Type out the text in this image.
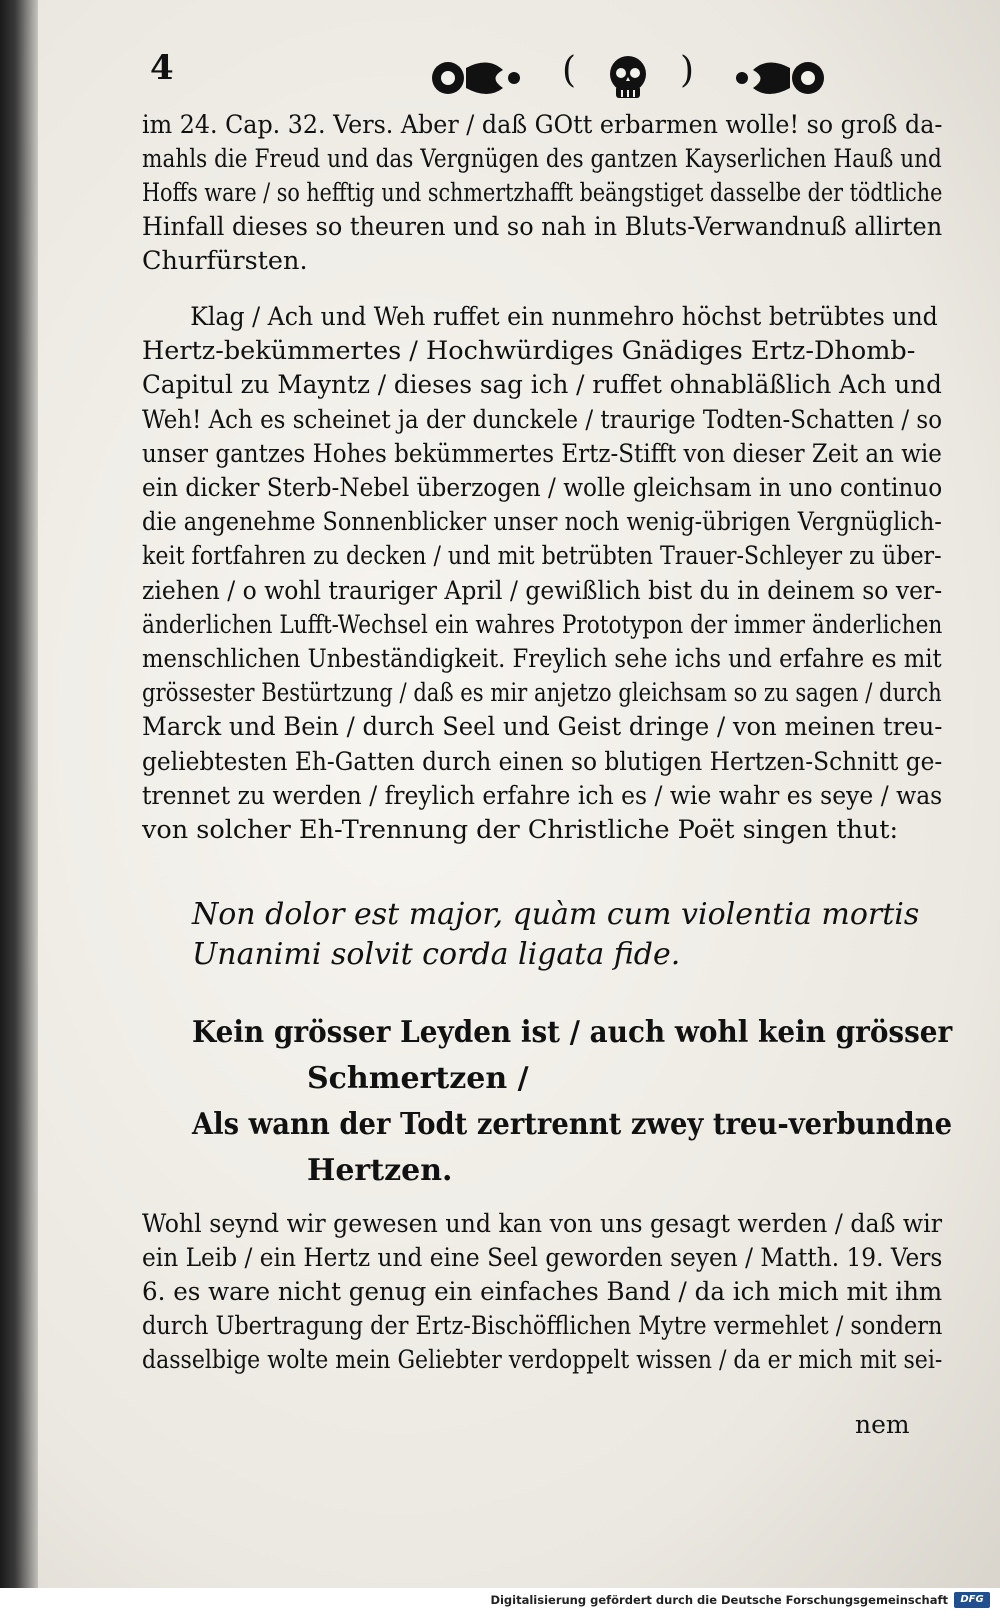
4	(	)
im 24. Cap. 32. Vers. Aber / daß GOtt erbarmen wolle! so groß da-
mahls die Freud und das Vergnügen des gantzen Kayserlichen Hauß und
Hoffs ware / so hefftig und schmertzhafft beängstiget dasselbe der tödtliche
Hinfall dieses so theuren und so nah in Bluts-Verwandnuß allirten
Churfürsten.
Klag / Ach und Weh ruffet ein nunmehro höchst betrübtes und
Hertz-bekümmertes / Hochwürdiges Gnädiges Ertz-Dhomb-
Capitul zu Mayntz / dieses sag ich / ruffet ohnabläßlich Ach und
Weh! Ach es scheinet ja der dunckele / traurige Todten-Schatten / so
unser gantzes Hohes bekümmertes Ertz-Stifft von dieser Zeit an wie
ein dicker Sterb-Nebel überzogen / wolle gleichsam in uno continuo
die angenehme Sonnenblicker unser noch wenig-übrigen Vergnüglich-
keit fortfahren zu decken / und mit betrübten Trauer-Schleyer zu über-
ziehen / o wohl trauriger April / gewißlich bist du in deinem so ver-
änderlichen Lufft-Wechsel ein wahres Prototypon der immer änderlichen
menschlichen Unbeständigkeit. Freylich sehe ichs und erfahre es mit
grössester Bestürtzung / daß es mir anjetzo gleichsam so zu sagen / durch
Marck und Bein / durch Seel und Geist dringe / von meinen treu-
geliebtesten Eh-Gatten durch einen so blutigen Hertzen-Schnitt ge-
trennet zu werden / freylich erfahre ich es / wie wahr es seye / was
von solcher Eh-Trennung der Christliche Poët singen thut:
Non dolor est major, quàm cum violentia mortis
Unanimi solvit corda ligata fide.
Kein grösser Leyden ist / auch wohl kein grösser
Schmertzen /
Als wann der Todt zertrennt zwey treu-verbundne
Hertzen.
Wohl seynd wir gewesen und kan von uns gesagt werden / daß wir
ein Leib / ein Hertz und eine Seel geworden seyen / Matth. 19. Vers
6. es ware nicht genug ein einfaches Band / da ich mich mit ihm
durch Ubertragung der Ertz-Bischöfflichen Mytre vermehlet / sondern
dasselbige wolte mein Geliebter verdoppelt wissen / da er mich mit sei-
nem
Digitalisierung gefördert durch die Deutsche Forschungsgemeinschaft	DFG
